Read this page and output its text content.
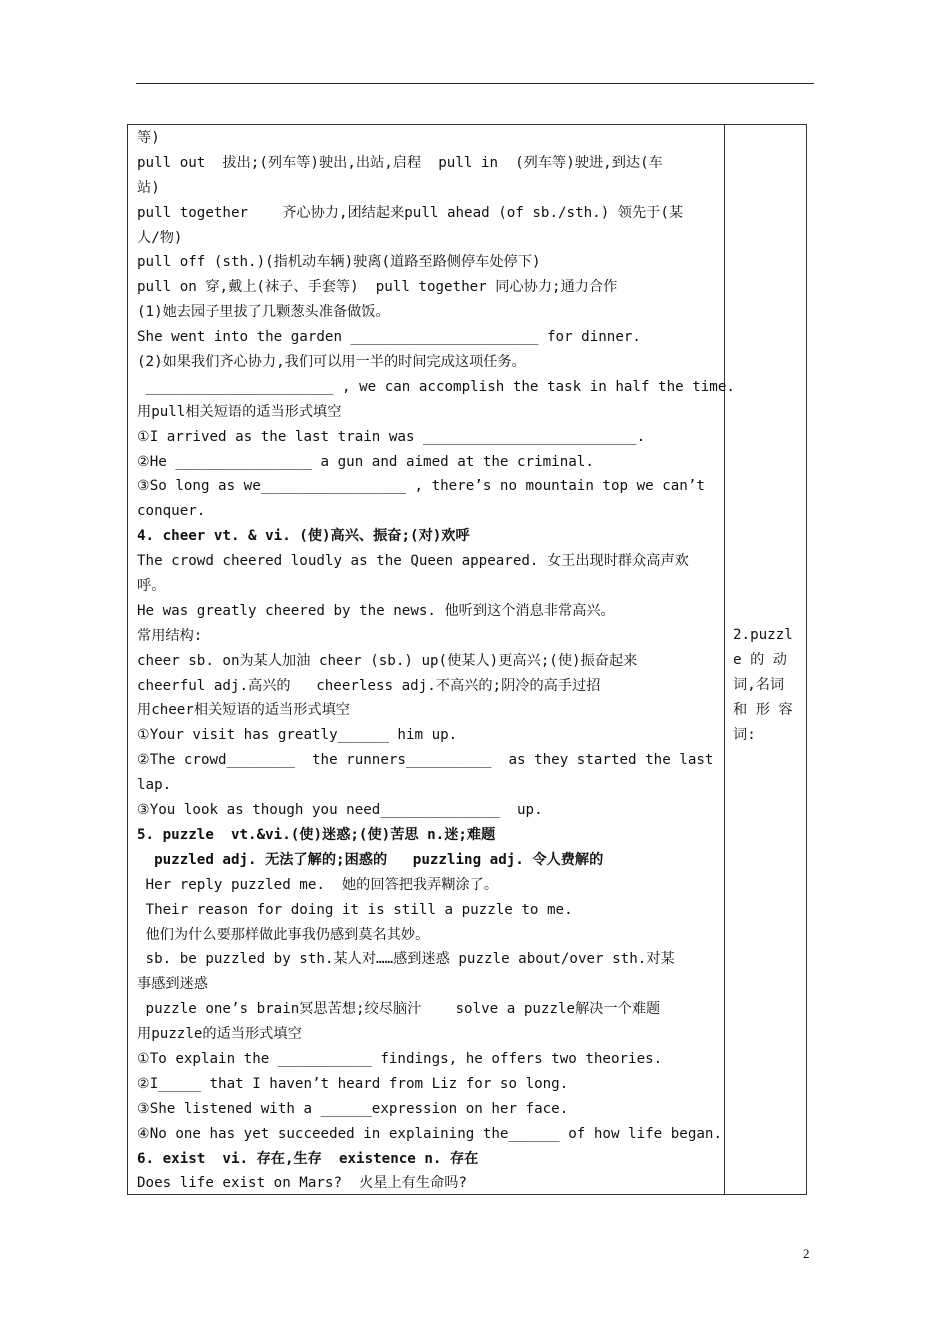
等)
pull out  拔出;(列车等)驶出,出站,启程  pull in  (列车等)驶进,到达(车
站)
pull together    齐心协力,团结起来pull ahead (of sb./sth.) 领先于(某
人/物)
pull off (sth.)(指机动车辆)驶离(道路至路侧停车处停下)
pull on 穿,戴上(袜子、手套等)  pull together 同心协力;通力合作
(1)她去园子里拔了几颗葱头准备做饭。
She went into the garden ______________________ for dinner.
(2)如果我们齐心协力,我们可以用一半的时间完成这项任务。
______________________ , we can accomplish the task in half the time.
用pull相关短语的适当形式填空
①I arrived as the last train was _________________________.
②He ________________ a gun and aimed at the criminal.
③So long as we_________________ , there’s no mountain top we can’t
conquer.
4. cheer vt. & vi. (使)高兴、振奋;(对)欢呼
The crowd cheered loudly as the Queen appeared. 女王出现时群众高声欢
呼。
He was greatly cheered by the news. 他听到这个消息非常高兴。
常用结构:
cheer sb. on为某人加油 cheer (sb.) up(使某人)更高兴;(使)振奋起来
cheerful adj.高兴的   cheerless adj.不高兴的;阴冷的高手过招
用cheer相关短语的适当形式填空
①Your visit has greatly______ him up.
②The crowd________  the runners__________  as they started the last
lap.
③You look as though you need______________  up.
5. puzzle  vt.&vi.(使)迷惑;(使)苦思 n.迷;难题
puzzled adj. 无法了解的;困惑的   puzzling adj. 令人费解的
Her reply puzzled me.  她的回答把我弄糊涂了。
Their reason for doing it is still a puzzle to me.
他们为什么要那样做此事我仍感到莫名其妙。
sb. be puzzled by sth.某人对……感到迷惑 puzzle about/over sth.对某
事感到迷惑
puzzle one’s brain冥思苦想;绞尽脑汁    solve a puzzle解决一个难题
用puzzle的适当形式填空
①To explain the ___________ findings, he offers two theories.
②I_____ that I haven’t heard from Liz for so long.
③She listened with a ______expression on her face.
④No one has yet succeeded in explaining the______ of how life began.
6. exist  vi. 存在,生存  existence n. 存在
Does life exist on Mars?  火星上有生命吗?
2.puzzl
e 的 动
词,名词
和 形 容
词:
2
